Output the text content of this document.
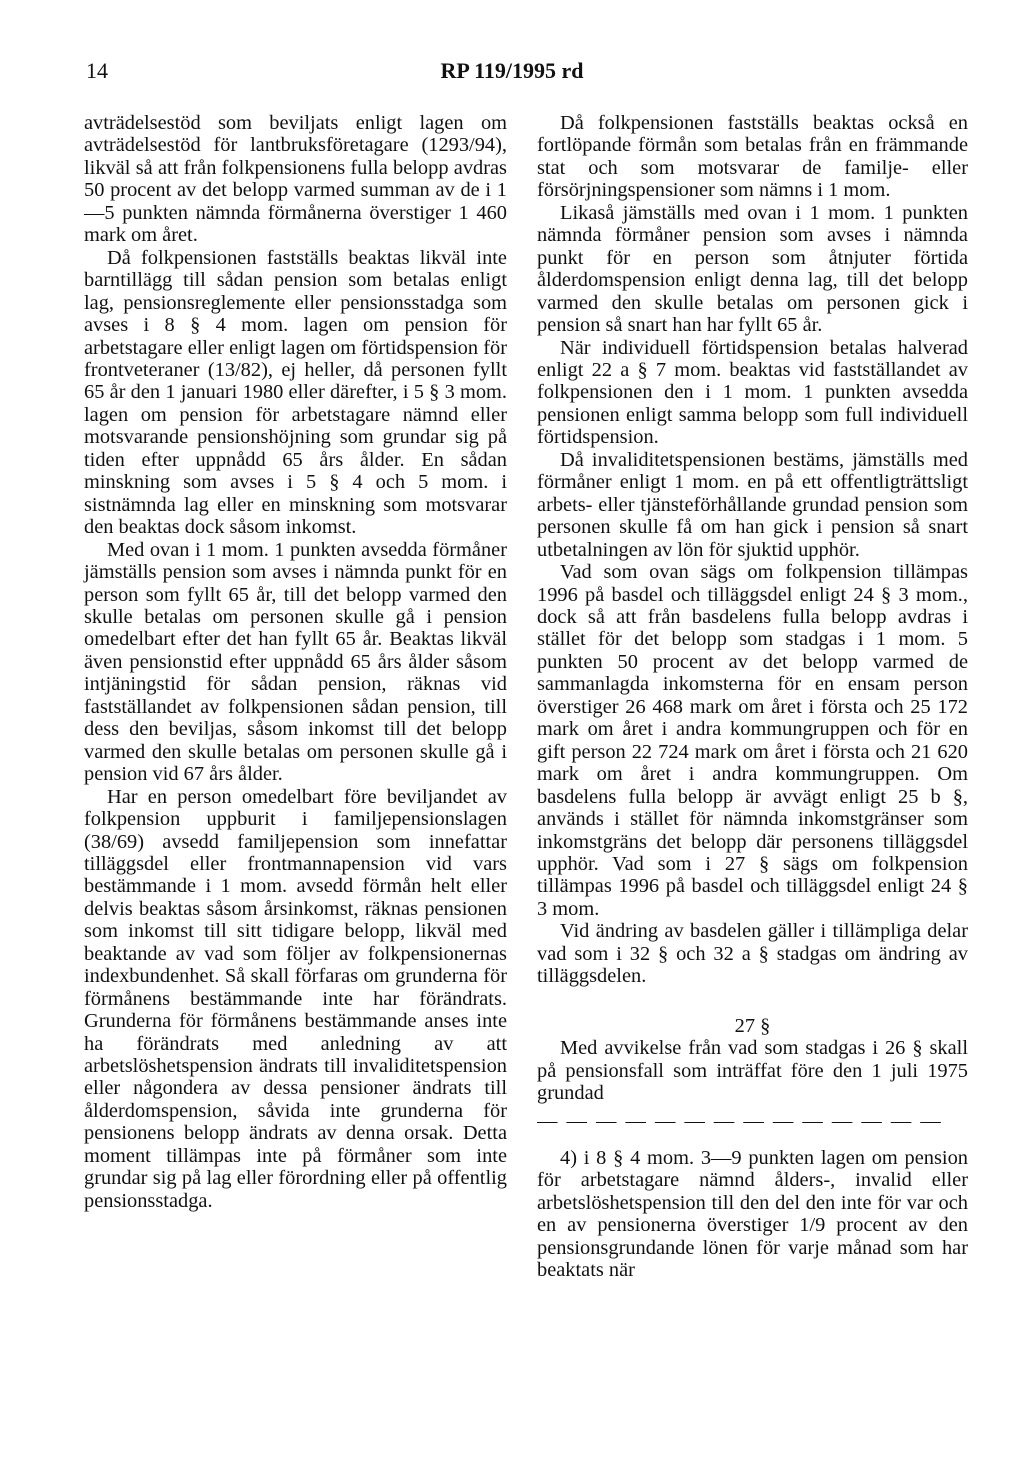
14	RP 119/1995 rd

avträdelsestöd som beviljats enligt lagen om avträdelsestöd för lantbruksföretagare (1293/94), likväl så att från folkpensionens fulla belopp avdras 50 procent av det belopp varmed summan av de i 1—5 punkten nämnda förmånerna överstiger 1 460 mark om året.

Då folkpensionen fastställs beaktas likväl inte barntillägg till sådan pension som betalas enligt lag, pensionsreglemente eller pensionsstadga som avses i 8 § 4 mom. lagen om pension för arbetstagare eller enligt lagen om förtidspension för frontveteraner (13/82), ej heller, då personen fyllt 65 år den 1 januari 1980 eller därefter, i 5 § 3 mom. lagen om pension för arbetstagare nämnd eller motsvarande pensionshöjning som grundar sig på tiden efter uppnådd 65 års ålder. En sådan minskning som avses i 5 § 4 och 5 mom. i sistnämnda lag eller en minskning som motsvarar den beaktas dock såsom inkomst.

Med ovan i 1 mom. 1 punkten avsedda förmåner jämställs pension som avses i nämnda punkt för en person som fyllt 65 år, till det belopp varmed den skulle betalas om personen skulle gå i pension omedelbart efter det han fyllt 65 år. Beaktas likväl även pensionstid efter uppnådd 65 års ålder såsom intjäningstid för sådan pension, räknas vid fastställandet av folkpensionen sådan pension, till dess den beviljas, såsom inkomst till det belopp varmed den skulle betalas om personen skulle gå i pension vid 67 års ålder.

Har en person omedelbart före beviljandet av folkpension uppburit i familjepensionslagen (38/69) avsedd familjepension som innefattar tilläggsdel eller frontmannapension vid vars bestämmande i 1 mom. avsedd förmån helt eller delvis beaktas såsom årsinkomst, räknas pensionen som inkomst till sitt tidigare belopp, likväl med beaktande av vad som följer av folkpensionernas indexbundenhet. Så skall förfaras om grunderna för förmånens bestämmande inte har förändrats. Grunderna för förmånens bestämmande anses inte ha förändrats med anledning av att arbetslöshetspension ändrats till invaliditetspension eller någondera av dessa pensioner ändrats till ålderdomspension, såvida inte grunderna för pensionens belopp ändrats av denna orsak. Detta moment tillämpas inte på förmåner som inte grundar sig på lag eller förordning eller på offentlig pensionsstadga.

Då folkpensionen fastställs beaktas också en fortlöpande förmån som betalas från en främmande stat och som motsvarar de familje- eller försörjningspensioner som nämns i 1 mom.

Likaså jämställs med ovan i 1 mom. 1 punkten nämnda förmåner pension som avses i nämnda punkt för en person som åtnjuter förtida ålderdomspension enligt denna lag, till det belopp varmed den skulle betalas om personen gick i pension så snart han har fyllt 65 år.

När individuell förtidspension betalas halverad enligt 22 a § 7 mom. beaktas vid fastställandet av folkpensionen den i 1 mom. 1 punkten avsedda pensionen enligt samma belopp som full individuell förtidspension.

Då invaliditetspensionen bestäms, jämställs med förmåner enligt 1 mom. en på ett offentligträttsligt arbets- eller tjänsteförhållande grundad pension som personen skulle få om han gick i pension så snart utbetalningen av lön för sjuktid upphör.

Vad som ovan sägs om folkpension tillämpas 1996 på basdel och tilläggsdel enligt 24 § 3 mom., dock så att från basdelens fulla belopp avdras i stället för det belopp som stadgas i 1 mom. 5 punkten 50 procent av det belopp varmed de sammanlagda inkomsterna för en ensam person överstiger 26 468 mark om året i första och 25 172 mark om året i andra kommungruppen och för en gift person 22 724 mark om året i första och 21 620 mark om året i andra kommungruppen. Om basdelens fulla belopp är avvägt enligt 25 b §, används i stället för nämnda inkomstgränser som inkomstgräns det belopp där personens tilläggsdel upphör. Vad som i 27 § sägs om folkpension tillämpas 1996 på basdel och tilläggsdel enligt 24 § 3 mom.

Vid ändring av basdelen gäller i tillämpliga delar vad som i 32 § och 32 a § stadgas om ändring av tilläggsdelen.

27 §

Med avvikelse från vad som stadgas i 26 § skall på pensionsfall som inträffat före den 1 juli 1975 grundad

— — — — — — — — — — — — — —

4) i 8 § 4 mom. 3—9 punkten lagen om pension för arbetstagare nämnd ålders-, invalid eller arbetslöshetspension till den del den inte för var och en av pensionerna överstiger 1/9 procent av den pensionsgrundande lönen för varje månad som har beaktats när
